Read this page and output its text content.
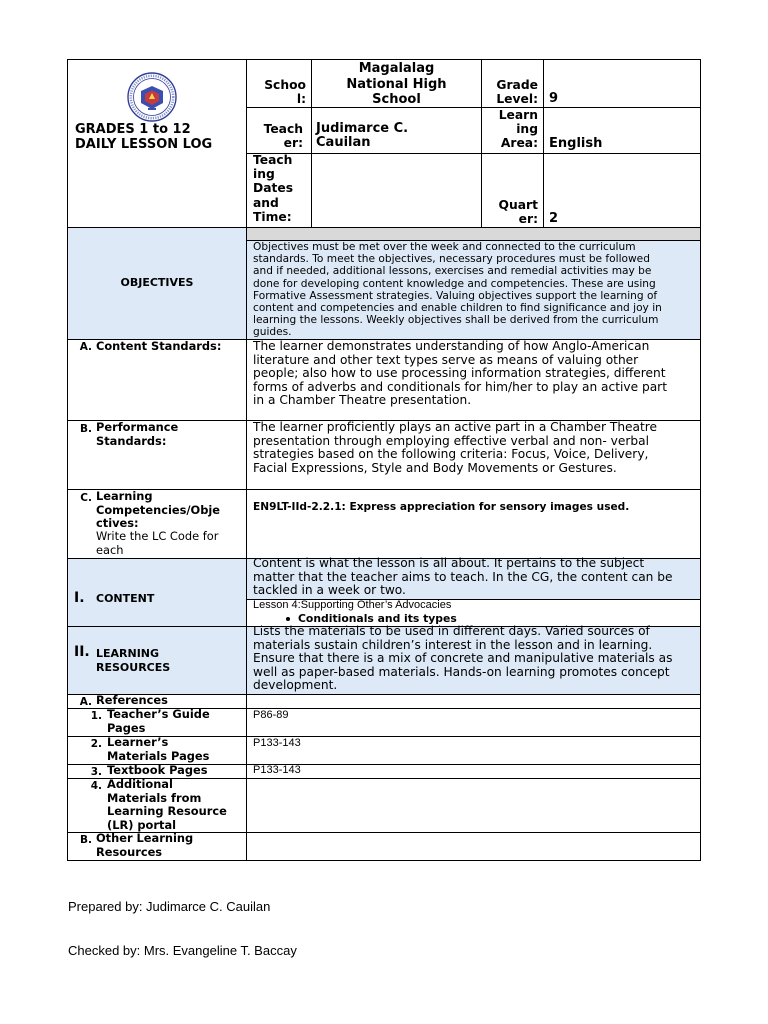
GRADES 1 to 12
DAILY LESSON LOG
Schoo
l:
Magalalag
National High
School
Grade
Level: 9
Teach
er:
Judimarce C.
Cauilan
Learn
ing
Area: English
Teach
ing
Dates
and
Time:
Quart
er: 2
OBJECTIVES
Objectives must be met over the week and connected to the curriculum
standards. To meet the objectives, necessary procedures must be followed
and if needed, additional lessons, exercises and remedial activities may be
done for developing content knowledge and competencies. These are using
Formative Assessment strategies. Valuing objectives support the learning of
content and competencies and enable children to find significance and joy in
learning the lessons. Weekly objectives shall be derived from the curriculum
guides.
A. Content Standards:	The learner demonstrates understanding of how Anglo-American
literature and other text types serve as means of valuing other
people; also how to use processing information strategies, different
forms of adverbs and conditionals for him/her to play an active part
in a Chamber Theatre presentation.
B. Performance
Standards:
The learner proficiently plays an active part in a Chamber Theatre
presentation through employing effective verbal and non- verbal
strategies based on the following criteria: Focus, Voice, Delivery,
Facial Expressions, Style and Body Movements or Gestures.
C. Learning
Competencies/Obje
ctives:
Write the LC Code for
each
EN9LT-IId-2.2.1: Express appreciation for sensory images used.
I. CONTENT
Content is what the lesson is all about. It pertains to the subject
matter that the teacher aims to teach. In the CG, the content can be
tackled in a week or two.
Lesson 4:Supporting Other’s Advocacies
Conditionals and its types
II. LEARNING
RESOURCES
Lists the materials to be used in different days. Varied sources of
materials sustain children’s interest in the lesson and in learning.
Ensure that there is a mix of concrete and manipulative materials as
well as paper-based materials. Hands-on learning promotes concept
development.
A. References
1. Teacher’s Guide
Pages
P86-89
2. Learner’s
Materials Pages
P133-143
3. Textbook Pages	P133-143
4. Additional
Materials from
Learning Resource
(LR) portal
B. Other Learning
Resources
Prepared by: Judimarce C. Cauilan
Checked by: Mrs. Evangeline T. Baccay
